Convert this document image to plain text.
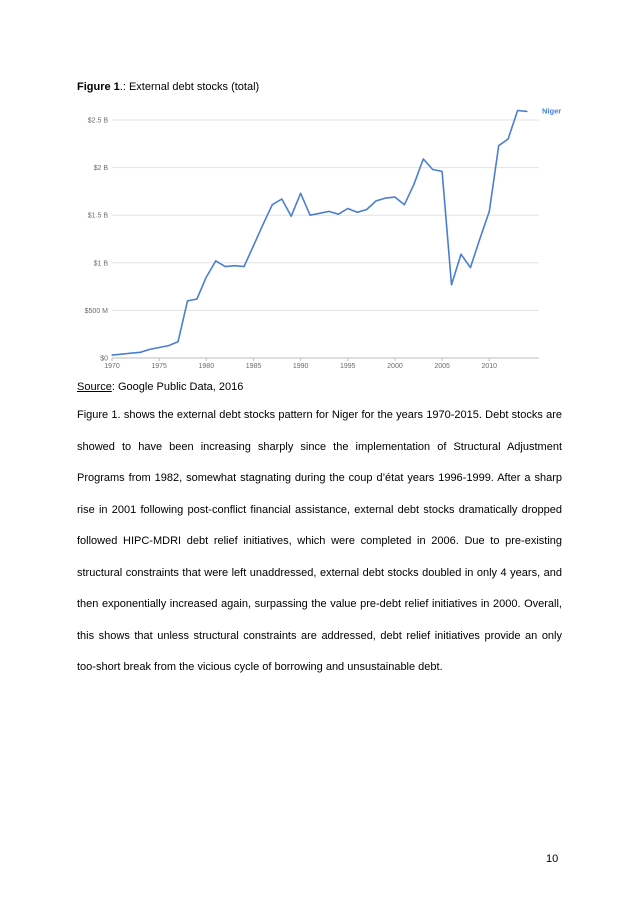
Figure 1.: External debt stocks (total)
$0
$500 M
$1 B
$1.5 B
$2 B
$2.5 B
1970	1975	1980	1985	1990	1995	2000	2005	2010
Niger
Source: Google Public Data, 2016

Figure 1. shows the external debt stocks pattern for Niger for the years 1970-2015. Debt stocks are showed to have been increasing sharply since the implementation of Structural Adjustment Programs from 1982, somewhat stagnating during the coup d’état years 1996-1999. After a sharp rise in 2001 following post-conflict financial assistance, external debt stocks dramatically dropped followed HIPC-MDRI debt relief initiatives, which were completed in 2006. Due to pre-existing structural constraints that were left unaddressed, external debt stocks doubled in only 4 years, and then exponentially increased again, surpassing the value pre-debt relief initiatives in 2000. Overall, this shows that unless structural constraints are addressed, debt relief initiatives provide an only too-short break from the vicious cycle of borrowing and unsustainable debt.

10
